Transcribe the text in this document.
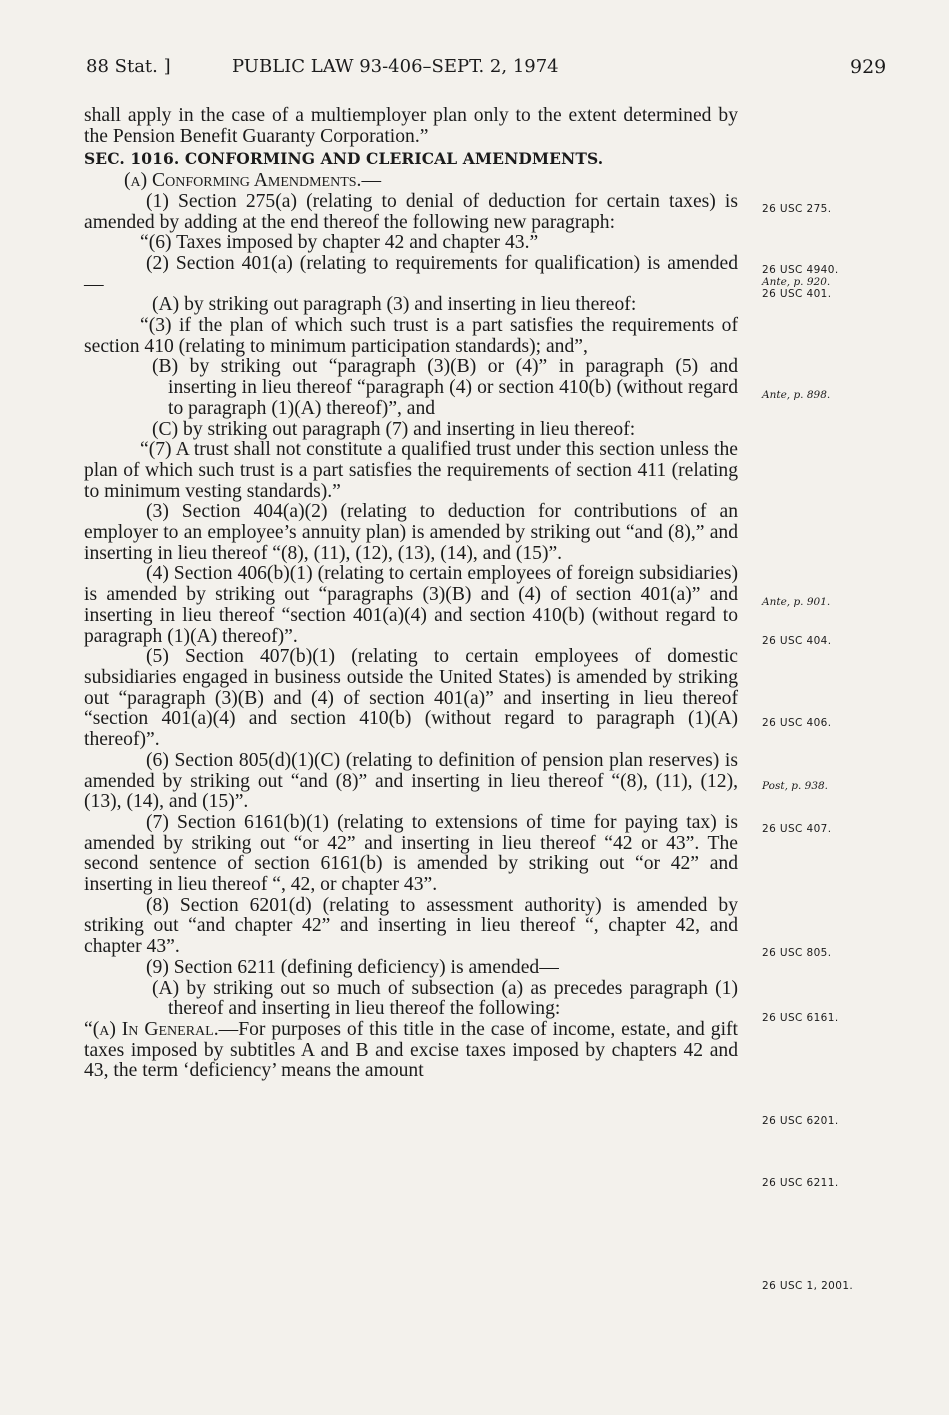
88 Stat. ]	PUBLIC LAW 93-406–SEPT. 2, 1974	929

shall apply in the case of a multiemployer plan only to the extent determined by the Pension Benefit Guaranty Corporation.”

SEC. 1016. CONFORMING AND CLERICAL AMENDMENTS.

(a) Conforming Amendments.—

(1) Section 275(a) (relating to denial of deduction for certain taxes) is amended by adding at the end thereof the following new paragraph:

“(6) Taxes imposed by chapter 42 and chapter 43.”

(2) Section 401(a) (relating to requirements for qualification) is amended—

(A) by striking out paragraph (3) and inserting in lieu thereof:

“(3) if the plan of which such trust is a part satisfies the requirements of section 410 (relating to minimum participation standards); and”,

(B) by striking out “paragraph (3)(B) or (4)” in paragraph (5) and inserting in lieu thereof “paragraph (4) or section 410(b) (without regard to paragraph (1)(A) thereof)”, and

(C) by striking out paragraph (7) and inserting in lieu thereof:

“(7) A trust shall not constitute a qualified trust under this section unless the plan of which such trust is a part satisfies the requirements of section 411 (relating to minimum vesting standards).”

(3) Section 404(a)(2) (relating to deduction for contributions of an employer to an employee’s annuity plan) is amended by striking out “and (8),” and inserting in lieu thereof “(8), (11), (12), (13), (14), and (15)”.

(4) Section 406(b)(1) (relating to certain employees of foreign subsidiaries) is amended by striking out “paragraphs (3)(B) and (4) of section 401(a)” and inserting in lieu thereof “section 401(a)(4) and section 410(b) (without regard to paragraph (1)(A) thereof)”.

(5) Section 407(b)(1) (relating to certain employees of domestic subsidiaries engaged in business outside the United States) is amended by striking out “paragraph (3)(B) and (4) of section 401(a)” and inserting in lieu thereof “section 401(a)(4) and section 410(b) (without regard to paragraph (1)(A) thereof)”.

(6) Section 805(d)(1)(C) (relating to definition of pension plan reserves) is amended by striking out “and (8)” and inserting in lieu thereof “(8), (11), (12), (13), (14), and (15)”.

(7) Section 6161(b)(1) (relating to extensions of time for paying tax) is amended by striking out “or 42” and inserting in lieu thereof “42 or 43”. The second sentence of section 6161(b) is amended by striking out “or 42” and inserting in lieu thereof “, 42, or chapter 43”.

(8) Section 6201(d) (relating to assessment authority) is amended by striking out “and chapter 42” and inserting in lieu thereof “, chapter 42, and chapter 43”.

(9) Section 6211 (defining deficiency) is amended—

(A) by striking out so much of subsection (a) as precedes paragraph (1) thereof and inserting in lieu thereof the following:

“(a) In General.—For purposes of this title in the case of income, estate, and gift taxes imposed by subtitles A and B and excise taxes imposed by chapters 42 and 43, the term ‘deficiency’ means the amount

26 USC 275.
26 USC 4940.
Ante, p. 920.
26 USC 401.
Ante, p. 898.
Ante, p. 901.
26 USC 404.
26 USC 406.
Post, p. 938.
26 USC 407.
26 USC 805.
26 USC 6161.
26 USC 6201.
26 USC 6211.
26 USC 1, 2001.
